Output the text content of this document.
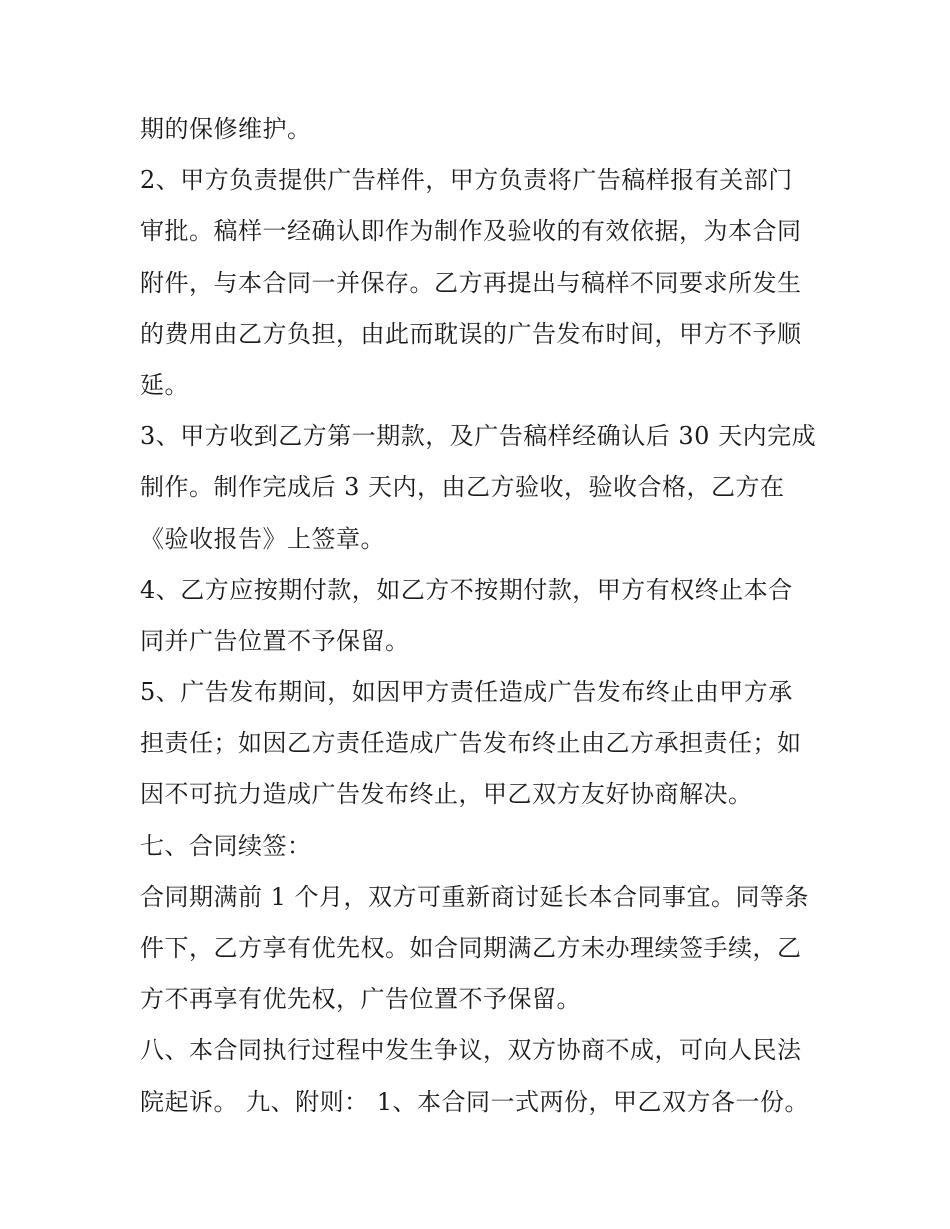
期的保修维护。
2、甲方负责提供广告样件，甲方负责将广告稿样报有关部门
审批。稿样一经确认即作为制作及验收的有效依据，为本合同
附件，与本合同一并保存。乙方再提出与稿样不同要求所发生
的费用由乙方负担，由此而耽误的广告发布时间，甲方不予顺
延。
3、甲方收到乙方第一期款，及广告稿样经确认后 30 天内完成
制作。制作完成后 3 天内，由乙方验收，验收合格，乙方在
《验收报告》上签章。
4、乙方应按期付款，如乙方不按期付款，甲方有权终止本合
同并广告位置不予保留。
5、广告发布期间，如因甲方责任造成广告发布终止由甲方承
担责任；如因乙方责任造成广告发布终止由乙方承担责任；如
因不可抗力造成广告发布终止，甲乙双方友好协商解决。
七、合同续签：
合同期满前 1 个月，双方可重新商讨延长本合同事宜。同等条
件下，乙方享有优先权。如合同期满乙方未办理续签手续，乙
方不再享有优先权，广告位置不予保留。
八、本合同执行过程中发生争议，双方协商不成，可向人民法
院起诉。 九、附则： 1、本合同一式两份，甲乙双方各一份。
